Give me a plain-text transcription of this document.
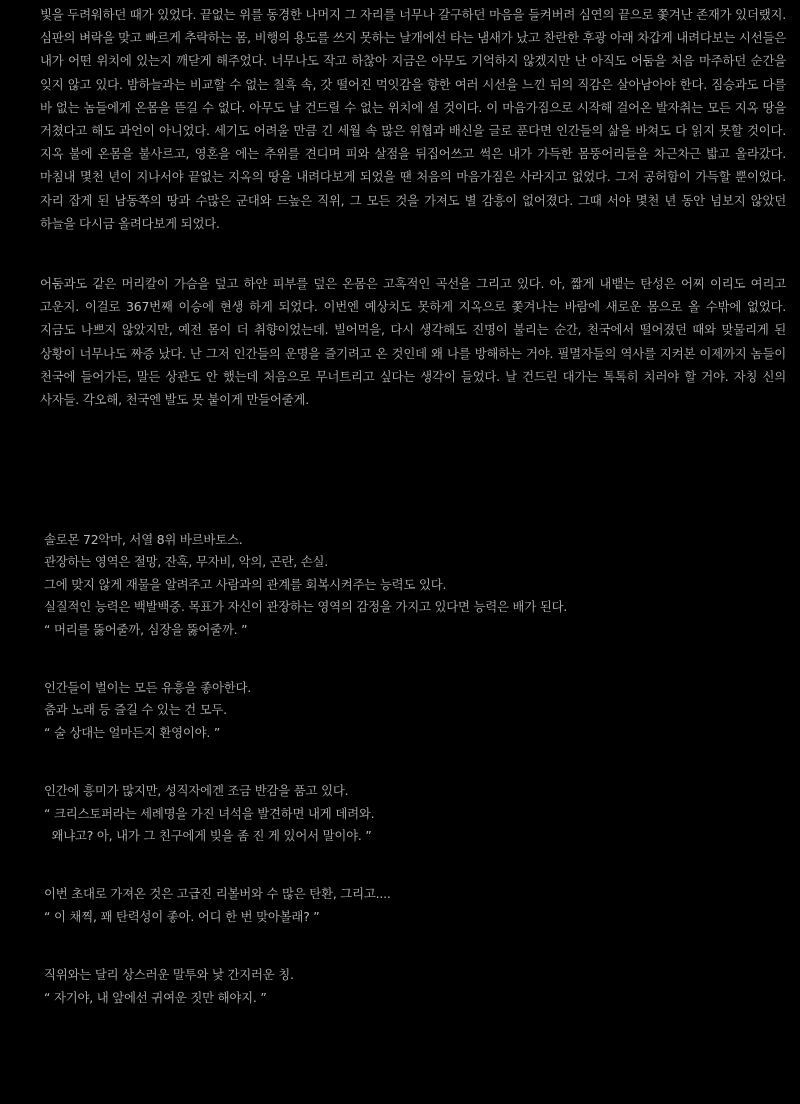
빛을 두려워하던 때가 있었다. 끝없는 위를 동경한 나머지 그 자리를 너무나 갈구하던 마음을 들켜버려 심연의 끝으로 쫓겨난 존재가 있더랬지. 심판의 벼락을 맞고 빠르게 추락하는 몸, 비행의 용도를 쓰지 못하는 날개에선 타는 냄새가 났고 찬란한 후광 아래 차갑게 내려다보는 시선들은 내가 어떤 위치에 있는지 깨닫게 해주었다. 너무나도 작고 하찮아 지금은 아무도 기억하지 않겠지만 난 아직도 어둠을 처음 마주하던 순간을 잊지 않고 있다. 밤하늘과는 비교할 수 없는 칠흑 속, 갓 떨어진 먹잇감을 향한 여러 시선을 느낀 뒤의 직감은 살아남아야 한다. 짐승과도 다를 바 없는 놈들에게 온몸을 뜯길 수 없다. 아무도 날 건드릴 수 없는 위치에 설 것이다. 이 마음가짐으로 시작해 걸어온 발자취는 모든 지옥 땅을 거쳤다고 해도 과언이 아니었다. 세기도 어려울 만큼 긴 세월 속 많은 위협과 배신을 글로 푼다면 인간들의 삶을 바쳐도 다 읽지 못할 것이다. 지옥 불에 온몸을 불사르고, 영혼을 에는 추위를 견디며 피와 살점을 뒤집어쓰고 썩은 내가 가득한 몸뚱어리들을 차근차근 밟고 올라갔다. 마침내 몇천 년이 지나서야 끝없는 지옥의 땅을 내려다보게 되었을 땐 처음의 마음가짐은 사라지고 없었다. 그저 공허함이 가득할 뿐이었다. 자리 잡게 된 남동쪽의 땅과 수많은 군대와 드높은 직위, 그 모든 것을 가져도 별 감흥이 없어졌다. 그때 서야 몇천 년 동안 넘보지 않았던 하늘을 다시금 올려다보게 되었다.

어둠과도 같은 머리칼이 가슴을 덮고 하얀 피부를 덮은 온몸은 고혹적인 곡선을 그리고 있다. 아, 짧게 내뱉는 탄성은 어찌 이리도 여리고 고운지. 이걸로 367번째 이승에 현생 하게 되었다. 이번엔 예상치도 못하게 지옥으로 쫓겨나는 바람에 새로운 몸으로 올 수밖에 없었다. 지금도 나쁘지 않았지만, 예전 몸이 더 취향이었는데. 빌어먹을, 다시 생각해도 진명이 불리는 순간, 천국에서 떨어졌던 때와 맞물리게 된 상황이 너무나도 짜증 났다. 난 그저 인간들의 운명을 즐기려고 온 것인데 왜 나를 방해하는 거야. 필멸자들의 역사를 지켜본 이제까지 놈들이 천국에 들어가든, 말든 상관도 안 했는데 처음으로 무너트리고 싶다는 생각이 들었다. 날 건드린 대가는 톡톡히 치러야 할 거야. 자칭 신의 사자들. 각오해, 천국엔 발도 못 붙이게 만들어줄게.

솔로몬 72악마, 서열 8위 바르바토스.
관장하는 영역은 절망, 잔혹, 무자비, 악의, 곤란, 손실.
그에 맞지 않게 재물을 알려주고 사람과의 관계를 회복시켜주는 능력도 있다.
실질적인 능력은 백발백중. 목표가 자신이 관장하는 영역의 감정을 가지고 있다면 능력은 배가 된다.
“ 머리를 뚫어줄까, 심장을 뚫어줄까. ”
인간들이 벌이는 모든 유흥을 좋아한다.
춤과 노래 등 즐길 수 있는 건 모두.
“ 술 상대는 얼마든지 환영이야. ”
인간에 흥미가 많지만, 성직자에겐 조금 반감을 품고 있다.
“ 크리스토퍼라는 세례명을 가진 녀석을 발견하면 내게 데려와.
왜냐고? 아, 내가 그 친구에게 빚을 좀 진 게 있어서 말이야. ”
이번 초대로 가져온 것은 고급진 리볼버와 수 많은 탄환, 그리고....
“ 이 채찍, 꽤 탄력성이 좋아. 어디 한 번 맞아볼래? ”
직위와는 달리 상스러운 말투와 낯 간지러운 칭.
“ 자기야, 내 앞에선 귀여운 짓만 해야지. ”
